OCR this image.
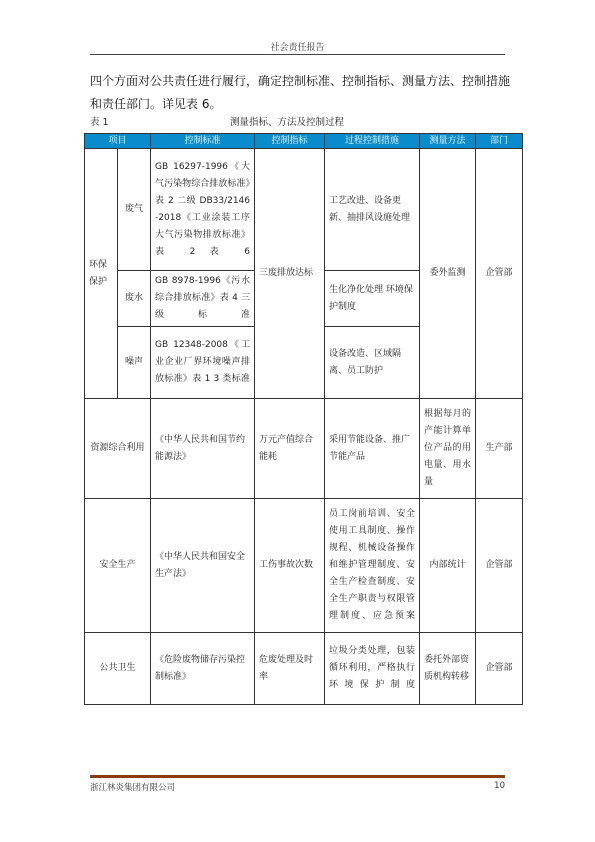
社会责任报告
四个方面对公共责任进行履行，确定控制标准、控制指标、测量方法、控制措施和责任部门。详见表 6。
表 1	测量指标、方法及控制过程
项目		控制标准	控制指标	过程控制措施	测量方法	部门
环保保护	废气	GB 16297-1996《大气污染物综合排放标准》表 2 二级 DB33/2146-2018《工业涂装工序大气污染物排放标准》表 2 表 6	三废排放达标	工艺改进、设备更新、抽排风设施处理	委外监测	企管部
	废水	GB 8978-1996《污水综合排放标准》表 4 三级标准		生化净化处理 环境保护制度		
	噪声	GB 12348-2008《工业企业厂界环境噪声排放标准》表 1 3 类标准		设备改造、区域隔离、员工防护		
资源综合利用		《中华人民共和国节约能源法》	万元产值综合能耗	采用节能设备、推广节能产品	根据每月的产能计算单位产品的用电量、用水量	生产部
安全生产		《中华人民共和国安全生产法》	工伤事故次数	员工岗前培训、安全使用工具制度、操作规程、机械设备操作和维护管理制度、安全生产检查制度、安全生产职责与权限管理制度、应急预案	内部统计	企管部
公共卫生		《危险废物储存污染控制标准》	危废处理及时率	垃圾分类处理，包装循环利用，严格执行环境保护制度	委托外部资质机构转移	企管部
浙江林炎集团有限公司	10
